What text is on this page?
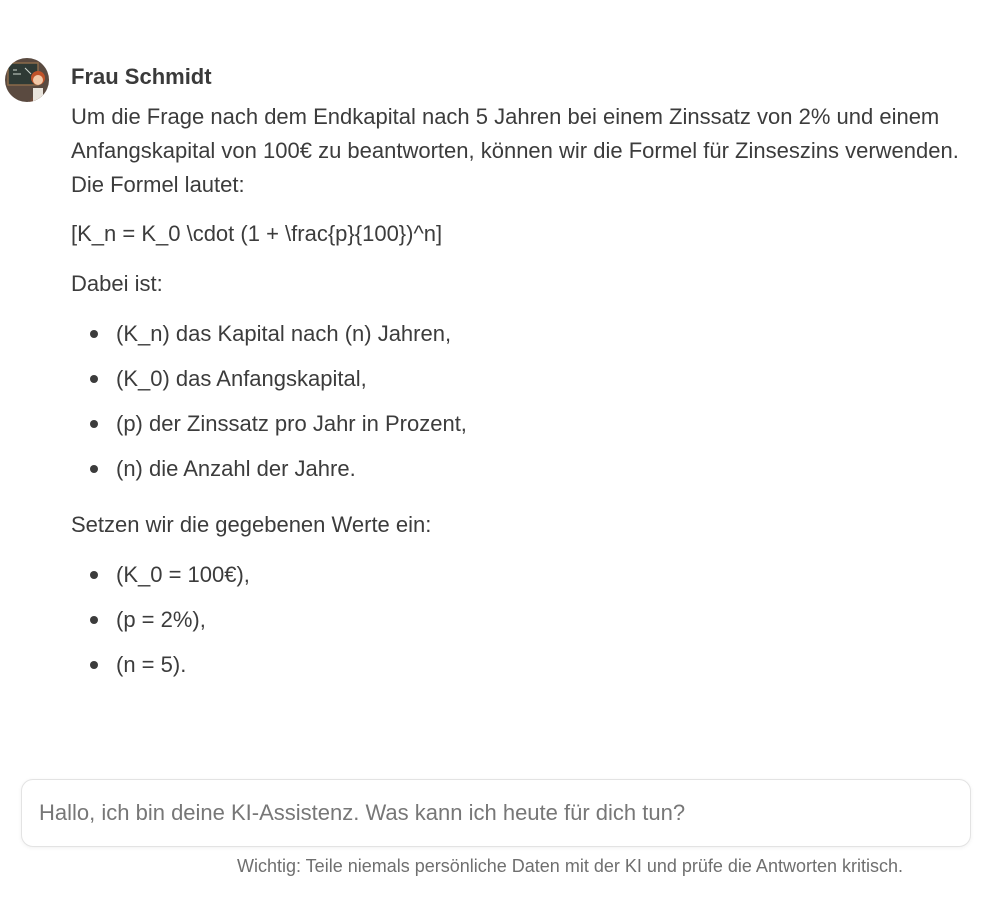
Frau Schmidt

Um die Frage nach dem Endkapital nach 5 Jahren bei einem Zinssatz von 2% und einem Anfangskapital von 100€ zu beantworten, können wir die Formel für Zinseszins verwenden. Die Formel lautet:

[K_n = K_0 \cdot (1 + \frac{p}{100})^n]

Dabei ist:

(K_n) das Kapital nach (n) Jahren,
(K_0) das Anfangskapital,
(p) der Zinssatz pro Jahr in Prozent,
(n) die Anzahl der Jahre.

Setzen wir die gegebenen Werte ein:

(K_0 = 100€),
(p = 2%),
(n = 5).
Hallo, ich bin deine KI-Assistenz. Was kann ich heute für dich tun?
Wichtig: Teile niemals persönliche Daten mit der KI und prüfe die Antworten kritisch.
